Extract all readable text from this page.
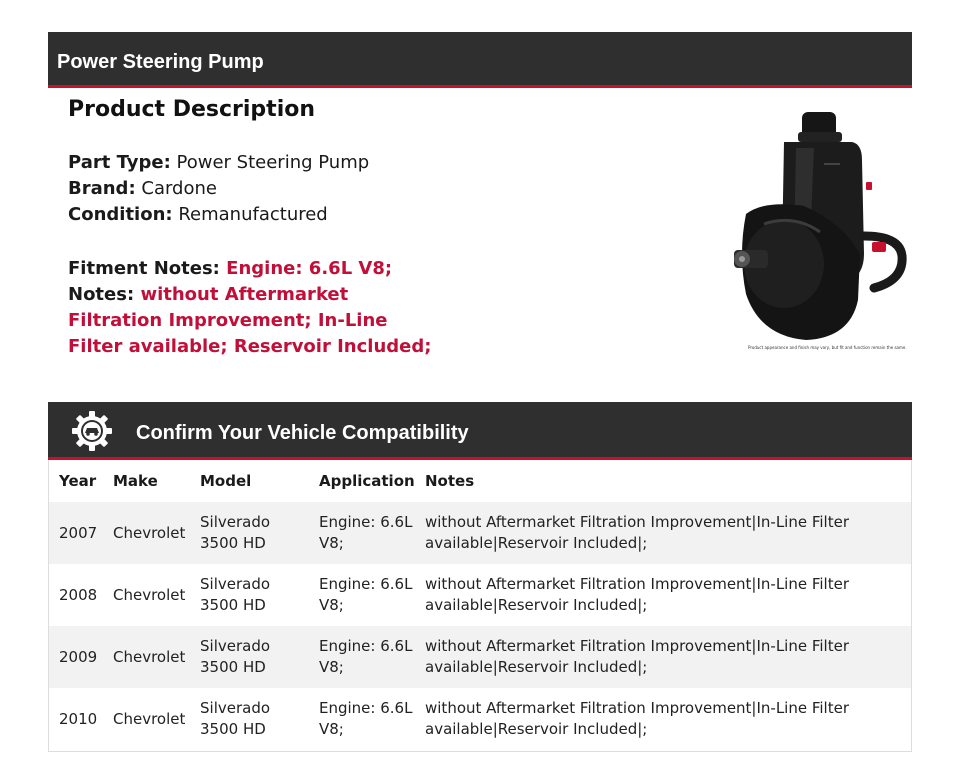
Power Steering Pump
Product Description
Part Type: Power Steering Pump
Brand: Cardone
Condition: Remanufactured
Fitment Notes: Engine: 6.6L V8;
Notes: without Aftermarket Filtration Improvement; In-Line Filter available; Reservoir Included;	Product appearance and finish may vary, but fit and function remain the same.
Confirm Your Vehicle Compatibility
Year	Make	Model	Application	Notes
2007	Chevrolet	Silverado 3500 HD	Engine: 6.6L V8;	without Aftermarket Filtration Improvement|In-Line Filter available|Reservoir Included|;
2008	Chevrolet	Silverado 3500 HD	Engine: 6.6L V8;	without Aftermarket Filtration Improvement|In-Line Filter available|Reservoir Included|;
2009	Chevrolet	Silverado 3500 HD	Engine: 6.6L V8;	without Aftermarket Filtration Improvement|In-Line Filter available|Reservoir Included|;
2010	Chevrolet	Silverado 3500 HD	Engine: 6.6L V8;	without Aftermarket Filtration Improvement|In-Line Filter available|Reservoir Included|;
